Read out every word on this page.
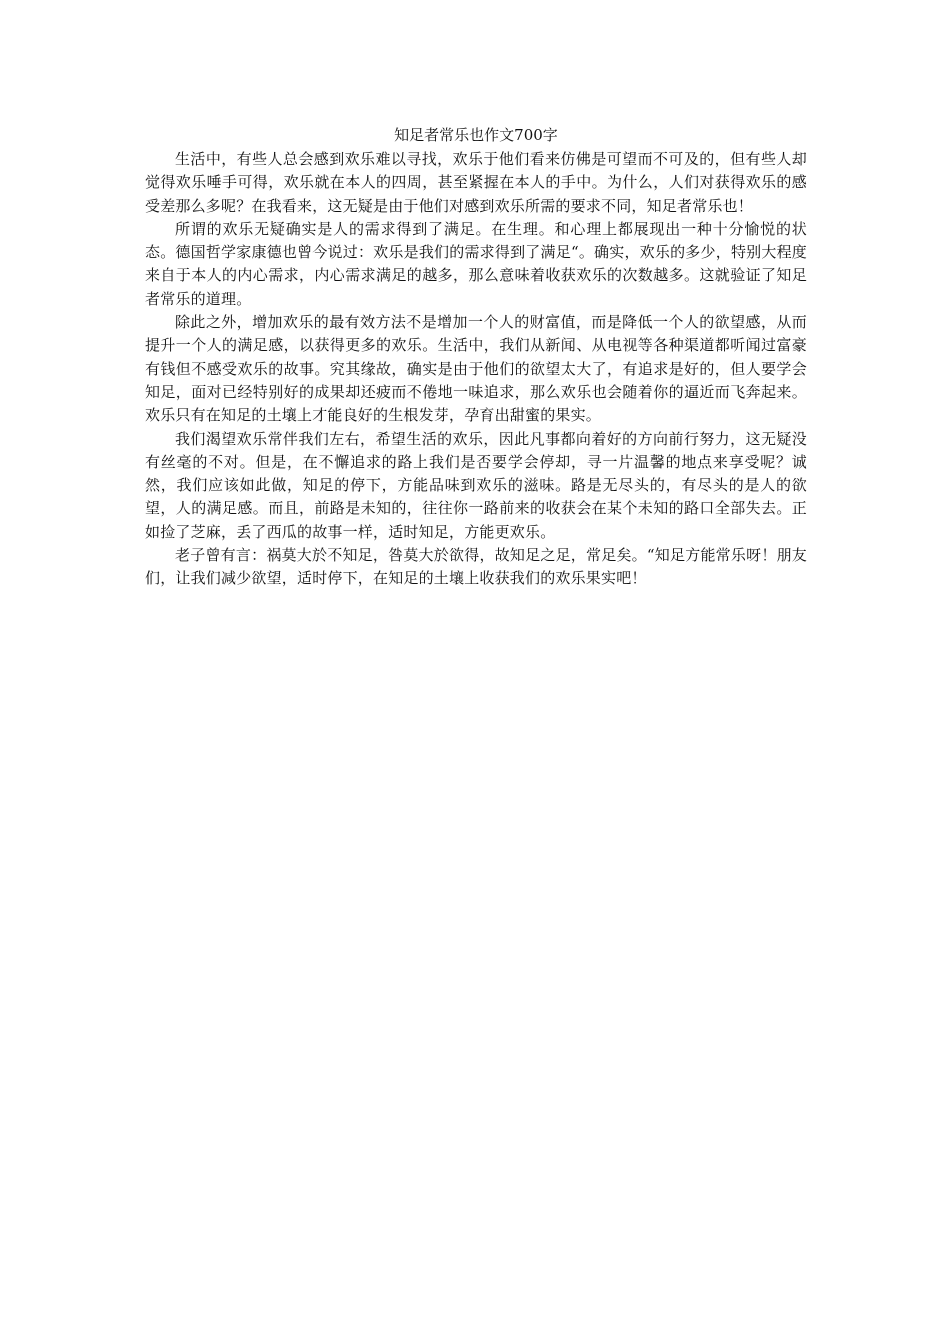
知足者常乐也作文700字

生活中，有些人总会感到欢乐难以寻找，欢乐于他们看来仿佛是可望而不可及的，但有些人却觉得欢乐唾手可得，欢乐就在本人的四周，甚至紧握在本人的手中。为什么，人们对获得欢乐的感受差那么多呢？在我看来，这无疑是由于他们对感到欢乐所需的要求不同，知足者常乐也！

所谓的欢乐无疑确实是人的需求得到了满足。在生理。和心理上都展现出一种十分愉悦的状态。德国哲学家康德也曾今说过：欢乐是我们的需求得到了满足“。确实，欢乐的多少，特别大程度来自于本人的内心需求，内心需求满足的越多，那么意味着收获欢乐的次数越多。这就验证了知足者常乐的道理。

除此之外，增加欢乐的最有效方法不是增加一个人的财富值，而是降低一个人的欲望感，从而提升一个人的满足感，以获得更多的欢乐。生活中，我们从新闻、从电视等各种渠道都听闻过富豪有钱但不感受欢乐的故事。究其缘故，确实是由于他们的欲望太大了，有追求是好的，但人要学会知足，面对已经特别好的成果却还疲而不倦地一味追求，那么欢乐也会随着你的逼近而飞奔起来。欢乐只有在知足的土壤上才能良好的生根发芽，孕育出甜蜜的果实。

我们渴望欢乐常伴我们左右，希望生活的欢乐，因此凡事都向着好的方向前行努力，这无疑没有丝毫的不对。但是，在不懈追求的路上我们是否要学会停却，寻一片温馨的地点来享受呢？诚然，我们应该如此做，知足的停下，方能品味到欢乐的滋味。路是无尽头的，有尽头的是人的欲望，人的满足感。而且，前路是未知的，往往你一路前来的收获会在某个未知的路口全部失去。正如捡了芝麻，丢了西瓜的故事一样，适时知足，方能更欢乐。

老子曾有言：祸莫大於不知足，咎莫大於欲得，故知足之足，常足矣。“知足方能常乐呀！朋友们，让我们减少欲望，适时停下，在知足的土壤上收获我们的欢乐果实吧！
